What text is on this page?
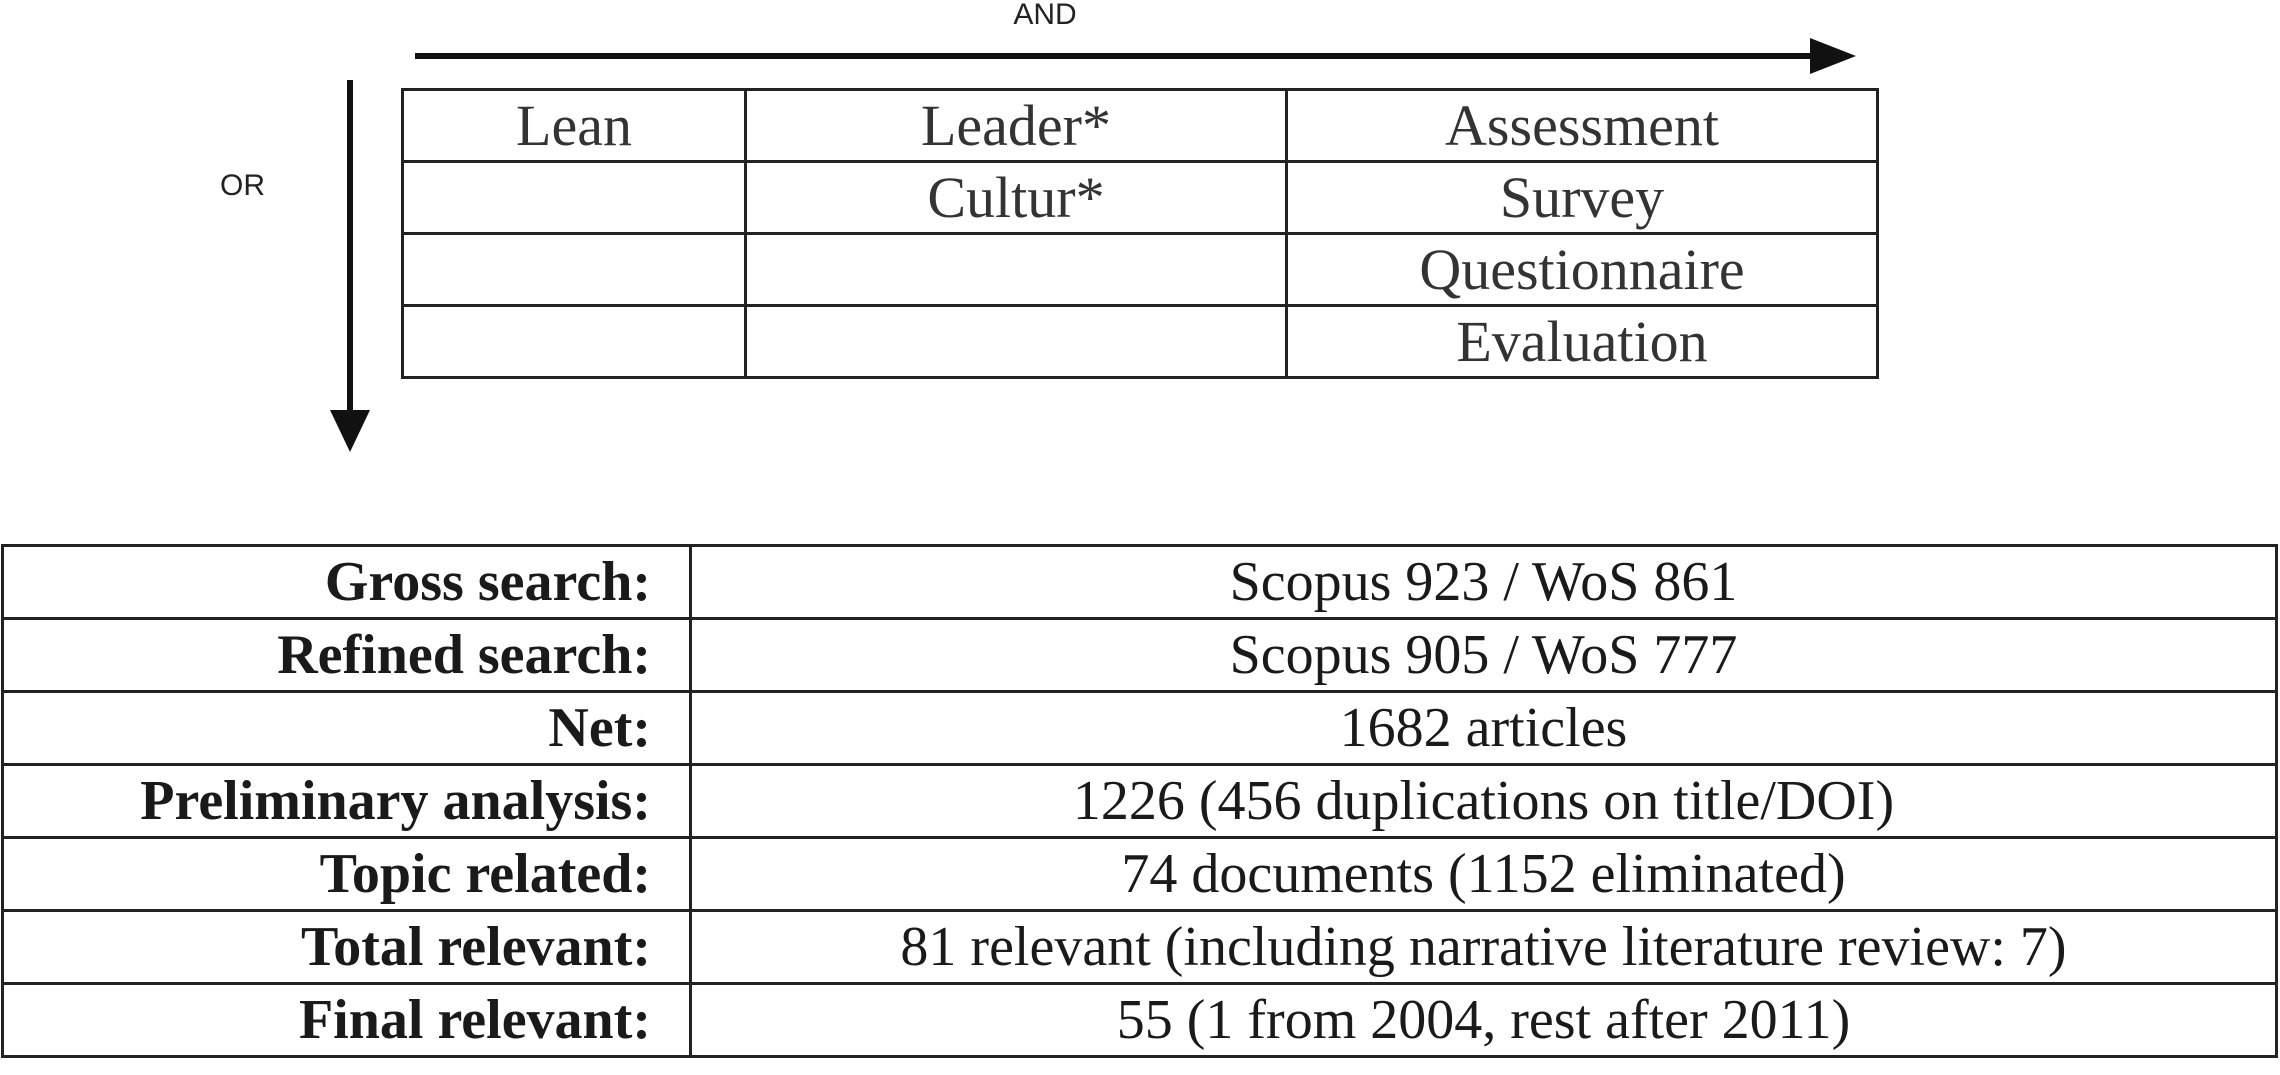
AND
OR
Lean	Leader*	Assessment
	Cultur*	Survey
		Questionnaire
		Evaluation
Gross search:	Scopus 923 / WoS 861
Refined search:	Scopus 905 / WoS 777
Net:	1682 articles
Preliminary analysis:	1226 (456 duplications on title/DOI)
Topic related:	74 documents (1152 eliminated)
Total relevant:	81 relevant (including narrative literature review: 7)
Final relevant:	55 (1 from 2004, rest after 2011)
